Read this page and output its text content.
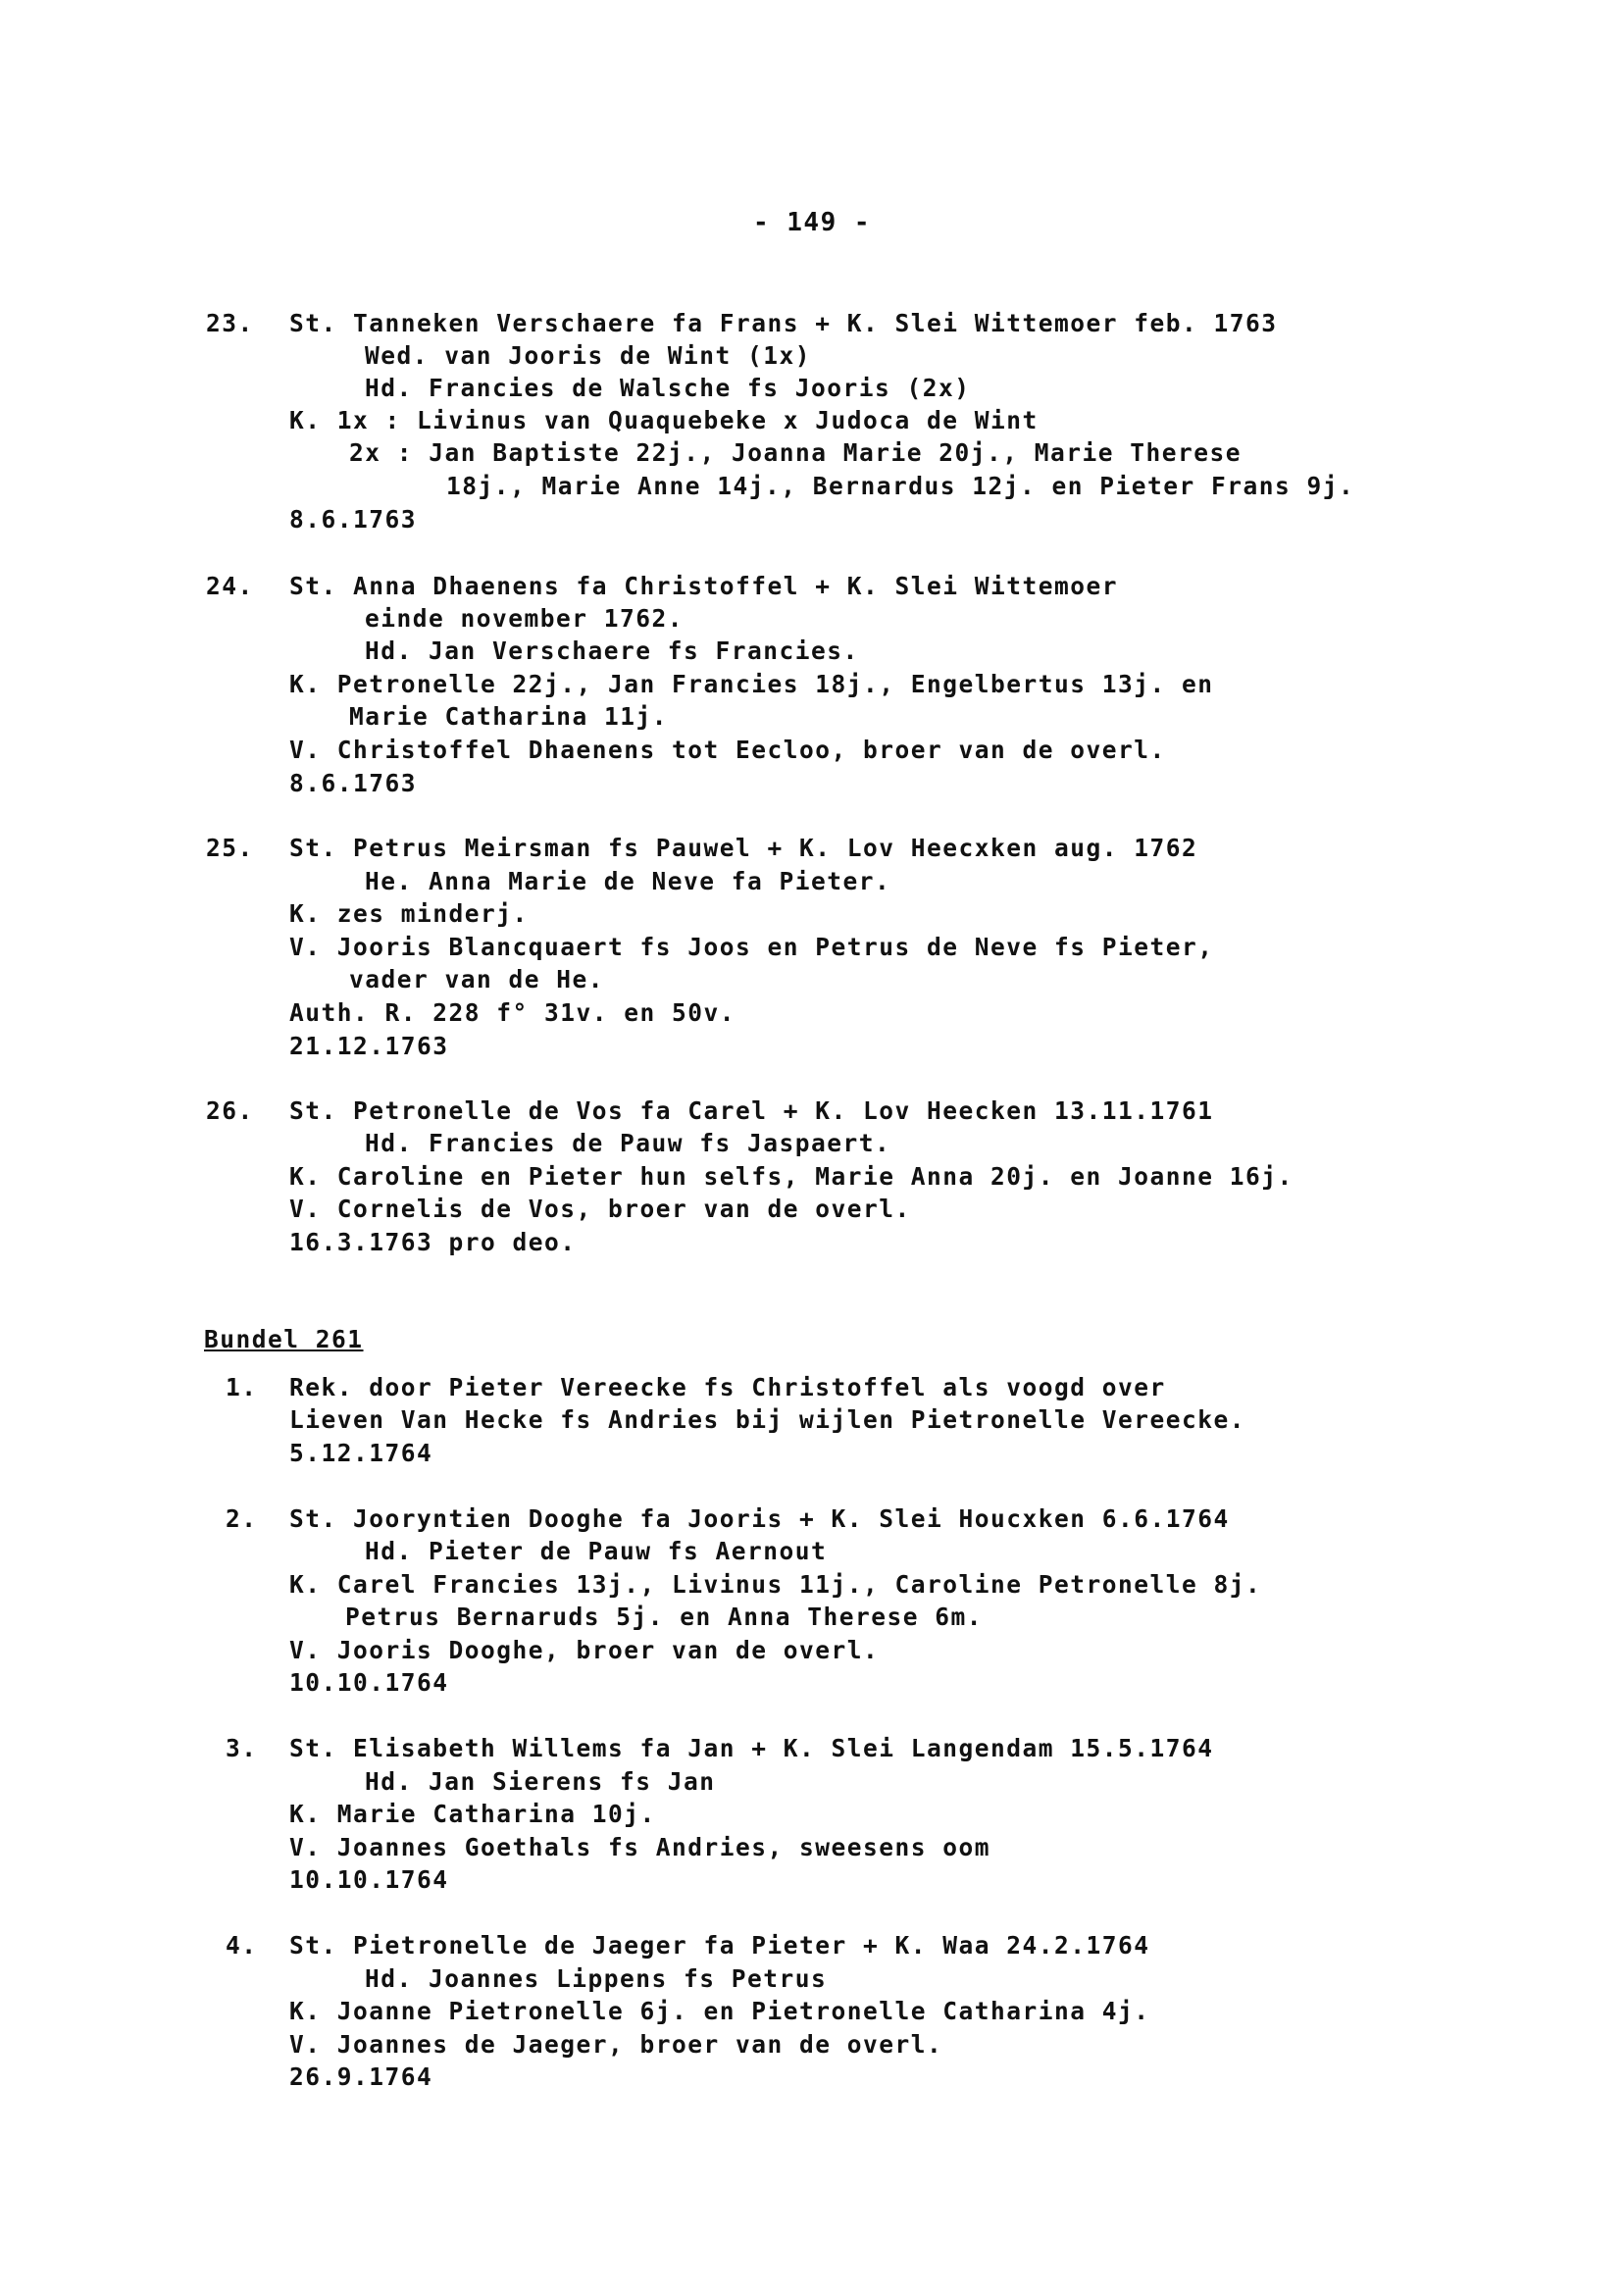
- 149 -
23. St. Tanneken Verschaere fa Frans + K. Slei Wittemoer feb. 1763
Wed. van Jooris de Wint (1x)
Hd. Francies de Walsche fs Jooris (2x)
K. 1x : Livinus van Quaquebeke x Judoca de Wint
2x : Jan Baptiste 22j., Joanna Marie 20j., Marie Therese
18j., Marie Anne 14j., Bernardus 12j. en Pieter Frans 9j.
8.6.1763
24. St. Anna Dhaenens fa Christoffel + K. Slei Wittemoer
einde november 1762.
Hd. Jan Verschaere fs Francies.
K. Petronelle 22j., Jan Francies 18j., Engelbertus 13j. en
Marie Catharina 11j.
V. Christoffel Dhaenens tot Eecloo, broer van de overl.
8.6.1763
25. St. Petrus Meirsman fs Pauwel + K. Lov Heecxken aug. 1762
He. Anna Marie de Neve fa Pieter.
K. zes minderj.
V. Jooris Blancquaert fs Joos en Petrus de Neve fs Pieter,
vader van de He.
Auth. R. 228 f° 31v. en 50v.
21.12.1763
26. St. Petronelle de Vos fa Carel + K. Lov Heecken 13.11.1761
Hd. Francies de Pauw fs Jaspaert.
K. Caroline en Pieter hun selfs, Marie Anna 20j. en Joanne 16j.
V. Cornelis de Vos, broer van de overl.
16.3.1763 pro deo.
Bundel 261
1. Rek. door Pieter Vereecke fs Christoffel als voogd over
Lieven Van Hecke fs Andries bij wijlen Pietronelle Vereecke.
5.12.1764
2. St. Jooryntien Dooghe fa Jooris + K. Slei Houcxken 6.6.1764
Hd. Pieter de Pauw fs Aernout
K. Carel Francies 13j., Livinus 11j., Caroline Petronelle 8j.
Petrus Bernaruds 5j. en Anna Therese 6m.
V. Jooris Dooghe, broer van de overl.
10.10.1764
3. St. Elisabeth Willems fa Jan + K. Slei Langendam 15.5.1764
Hd. Jan Sierens fs Jan
K. Marie Catharina 10j.
V. Joannes Goethals fs Andries, sweesens oom
10.10.1764
4. St. Pietronelle de Jaeger fa Pieter + K. Waa 24.2.1764
Hd. Joannes Lippens fs Petrus
K. Joanne Pietronelle 6j. en Pietronelle Catharina 4j.
V. Joannes de Jaeger, broer van de overl.
26.9.1764
